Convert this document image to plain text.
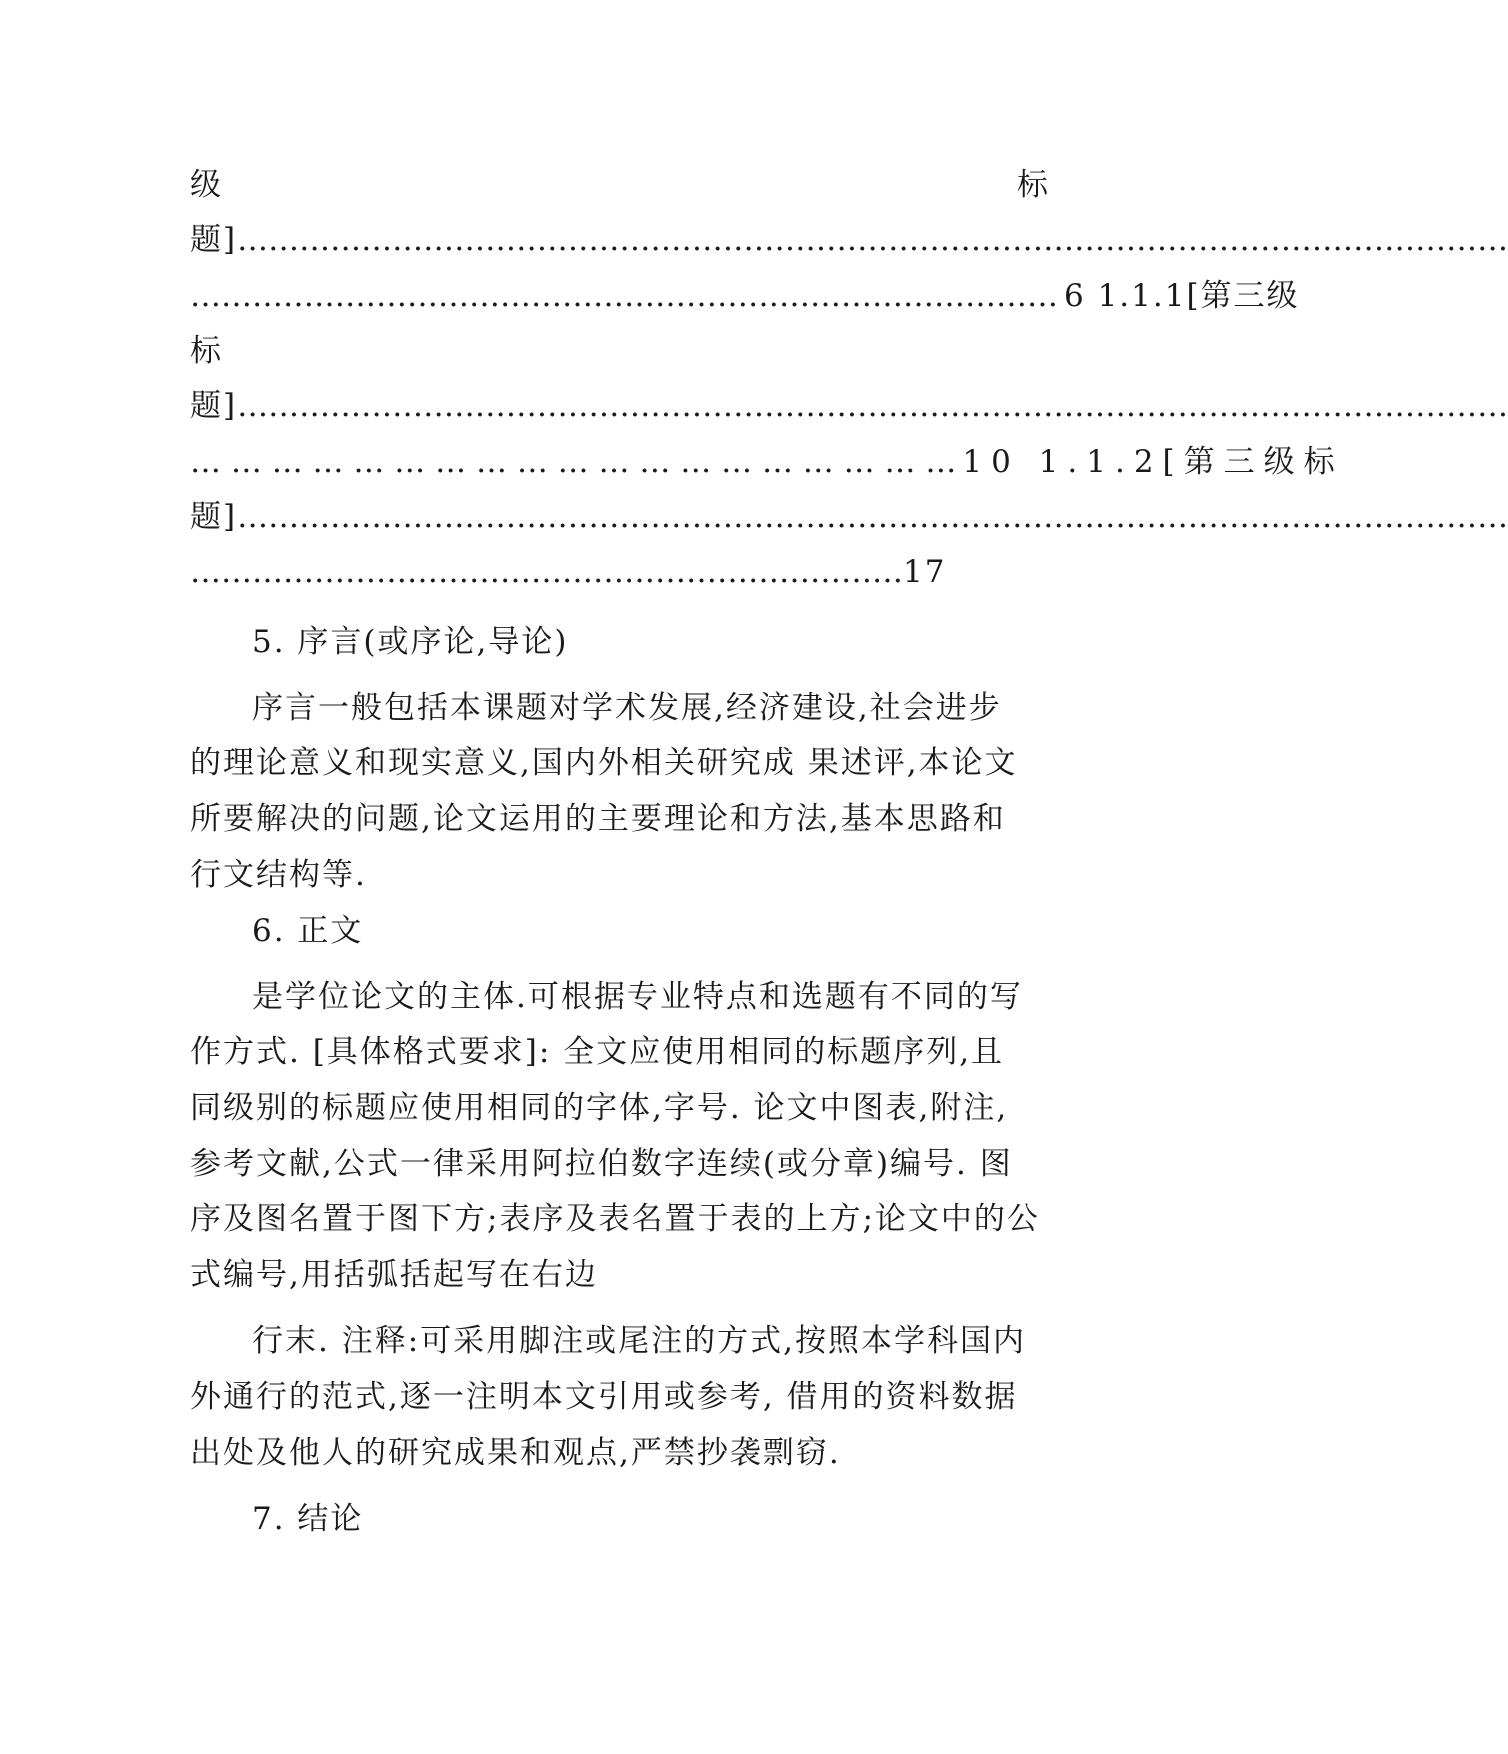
级	标
题] ……………………………………………………………………………………………………………
………………………………………………………………………… 6 1.1.1[第三级
标
题] ……………………………………………………………………………………………………………
… … … … … … … … … … … … … … … … … … … 10 1.1.2[第三级标
题] ……………………………………………………………………………………………………………
…………………………………………………………… 17
5. 序言(或序论,导论)
序言一般包括本课题对学术发展,经济建设,社会进步
的理论意义和现实意义,国内外相关研究成 果述评,本论文
所要解决的问题,论文运用的主要理论和方法,基本思路和
行文结构等.
6. 正文
是学位论文的主体.可根据专业特点和选题有不同的写
作方式. [具体格式要求]: 全文应使用相同的标题序列,且
同级别的标题应使用相同的字体,字号. 论文中图表,附注,
参考文献,公式一律采用阿拉伯数字连续(或分章)编号. 图
序及图名置于图下方;表序及表名置于表的上方;论文中的公
式编号,用括弧括起写在右边
行末. 注释:可采用脚注或尾注的方式,按照本学科国内
外通行的范式,逐一注明本文引用或参考, 借用的资料数据
出处及他人的研究成果和观点,严禁抄袭剽窃.
7. 结论
